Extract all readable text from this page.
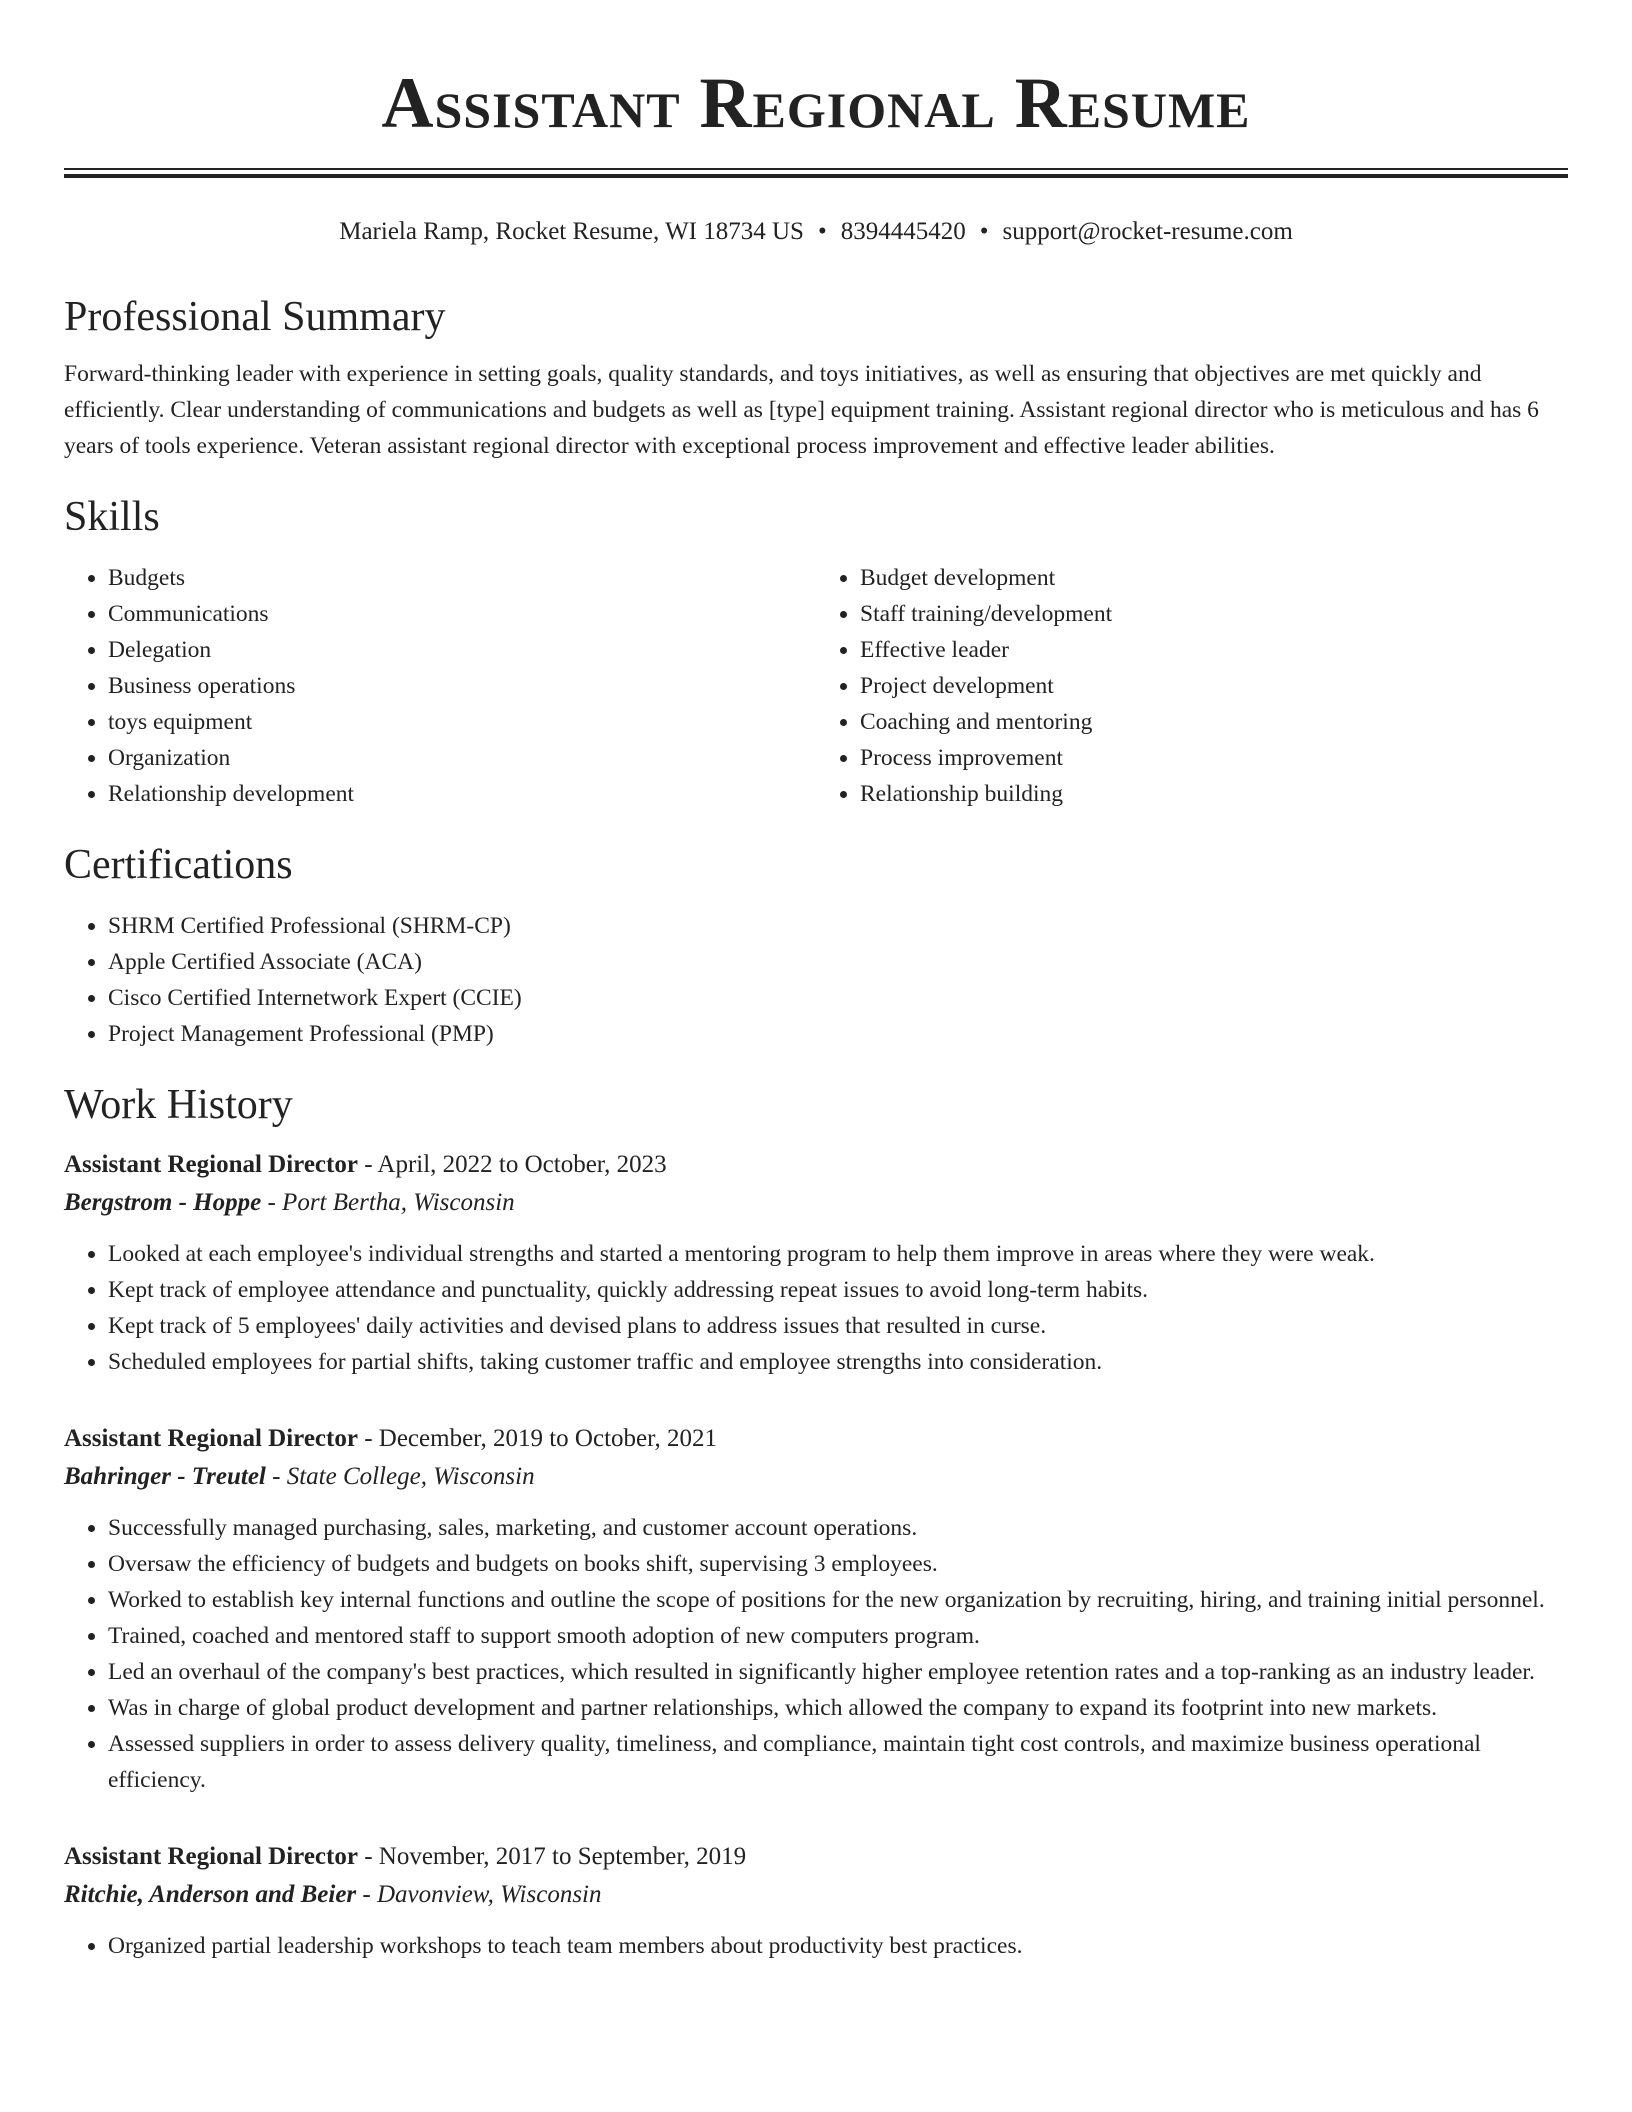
Assistant Regional Resume
Mariela Ramp, Rocket Resume, WI 18734 US • 8394445420 • support@rocket-resume.com
Professional Summary
Forward-thinking leader with experience in setting goals, quality standards, and toys initiatives, as well as ensuring that objectives are met quickly and efficiently. Clear understanding of communications and budgets as well as [type] equipment training. Assistant regional director who is meticulous and has 6 years of tools experience. Veteran assistant regional director with exceptional process improvement and effective leader abilities.
Skills
• Budgets
• Communications
• Delegation
• Business operations
• toys equipment
• Organization
• Relationship development
• Budget development
• Staff training/development
• Effective leader
• Project development
• Coaching and mentoring
• Process improvement
• Relationship building
Certifications
• SHRM Certified Professional (SHRM-CP)
• Apple Certified Associate (ACA)
• Cisco Certified Internetwork Expert (CCIE)
• Project Management Professional (PMP)
Work History
Assistant Regional Director - April, 2022 to October, 2023
Bergstrom - Hoppe - Port Bertha, Wisconsin
• Looked at each employee's individual strengths and started a mentoring program to help them improve in areas where they were weak.
• Kept track of employee attendance and punctuality, quickly addressing repeat issues to avoid long-term habits.
• Kept track of 5 employees' daily activities and devised plans to address issues that resulted in curse.
• Scheduled employees for partial shifts, taking customer traffic and employee strengths into consideration.
Assistant Regional Director - December, 2019 to October, 2021
Bahringer - Treutel - State College, Wisconsin
• Successfully managed purchasing, sales, marketing, and customer account operations.
• Oversaw the efficiency of budgets and budgets on books shift, supervising 3 employees.
• Worked to establish key internal functions and outline the scope of positions for the new organization by recruiting, hiring, and training initial personnel.
• Trained, coached and mentored staff to support smooth adoption of new computers program.
• Led an overhaul of the company's best practices, which resulted in significantly higher employee retention rates and a top-ranking as an industry leader.
• Was in charge of global product development and partner relationships, which allowed the company to expand its footprint into new markets.
• Assessed suppliers in order to assess delivery quality, timeliness, and compliance, maintain tight cost controls, and maximize business operational efficiency.
Assistant Regional Director - November, 2017 to September, 2019
Ritchie, Anderson and Beier - Davonview, Wisconsin
• Organized partial leadership workshops to teach team members about productivity best practices.
